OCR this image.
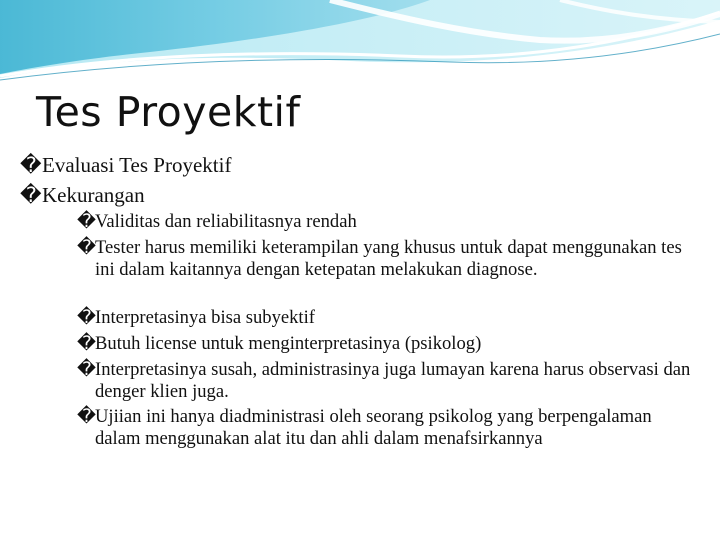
Tes Proyektif
�Evaluasi Tes Proyektif
�Kekurangan
�
Validitas dan reliabilitasnya rendah
�
Tester harus memiliki keterampilan yang khusus untuk dapat menggunakan tes ini dalam kaitannya dengan ketepatan melakukan diagnose.
�
Interpretasinya bisa subyektif
�
Butuh license untuk menginterpretasinya (psikolog)
�
Interpretasinya susah, administrasinya juga lumayan karena harus observasi dan denger klien juga.
�
Ujiian ini hanya diadministrasi oleh seorang psikolog yang berpengalaman dalam menggunakan alat itu dan ahli dalam menafsirkannya
